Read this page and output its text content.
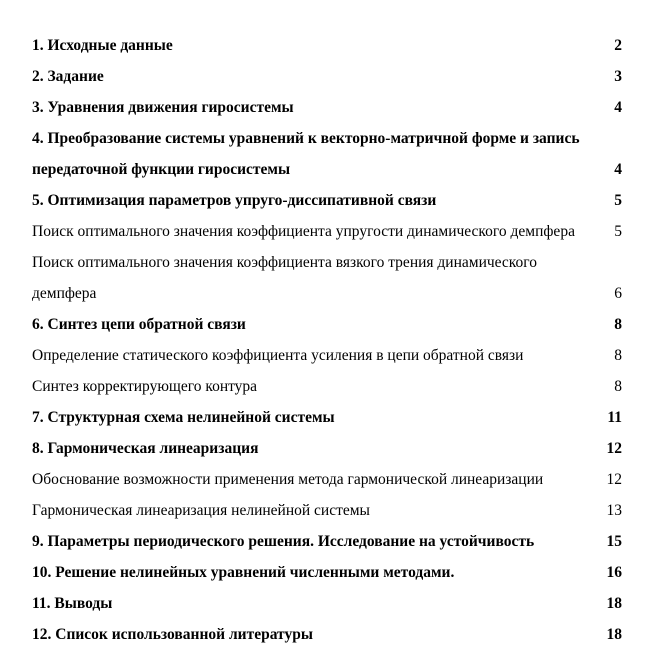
1. Исходные данные	2
2. Задание	3
3. Уравнения движения гиросистемы	4
4. Преобразование системы уравнений к векторно-матричной форме и запись передаточной функции гиросистемы	4
5. Оптимизация параметров упруго-диссипативной связи	5
Поиск оптимального значения коэффициента упругости динамического демпфера	5
Поиск оптимального значения коэффициента вязкого трения динамического демпфера	6
6. Синтез цепи обратной связи	8
Определение статического коэффициента усиления в цепи обратной связи	8
Синтез корректирующего контура	8
7. Структурная схема нелинейной системы	11
8. Гармоническая линеаризация	12
Обоснование возможности применения метода гармонической линеаризации	12
Гармоническая линеаризация нелинейной системы	13
9. Параметры периодического решения. Исследование на устойчивость	15
10. Решение нелинейных уравнений численными методами.	16
11. Выводы	18
12. Список использованной литературы	18
